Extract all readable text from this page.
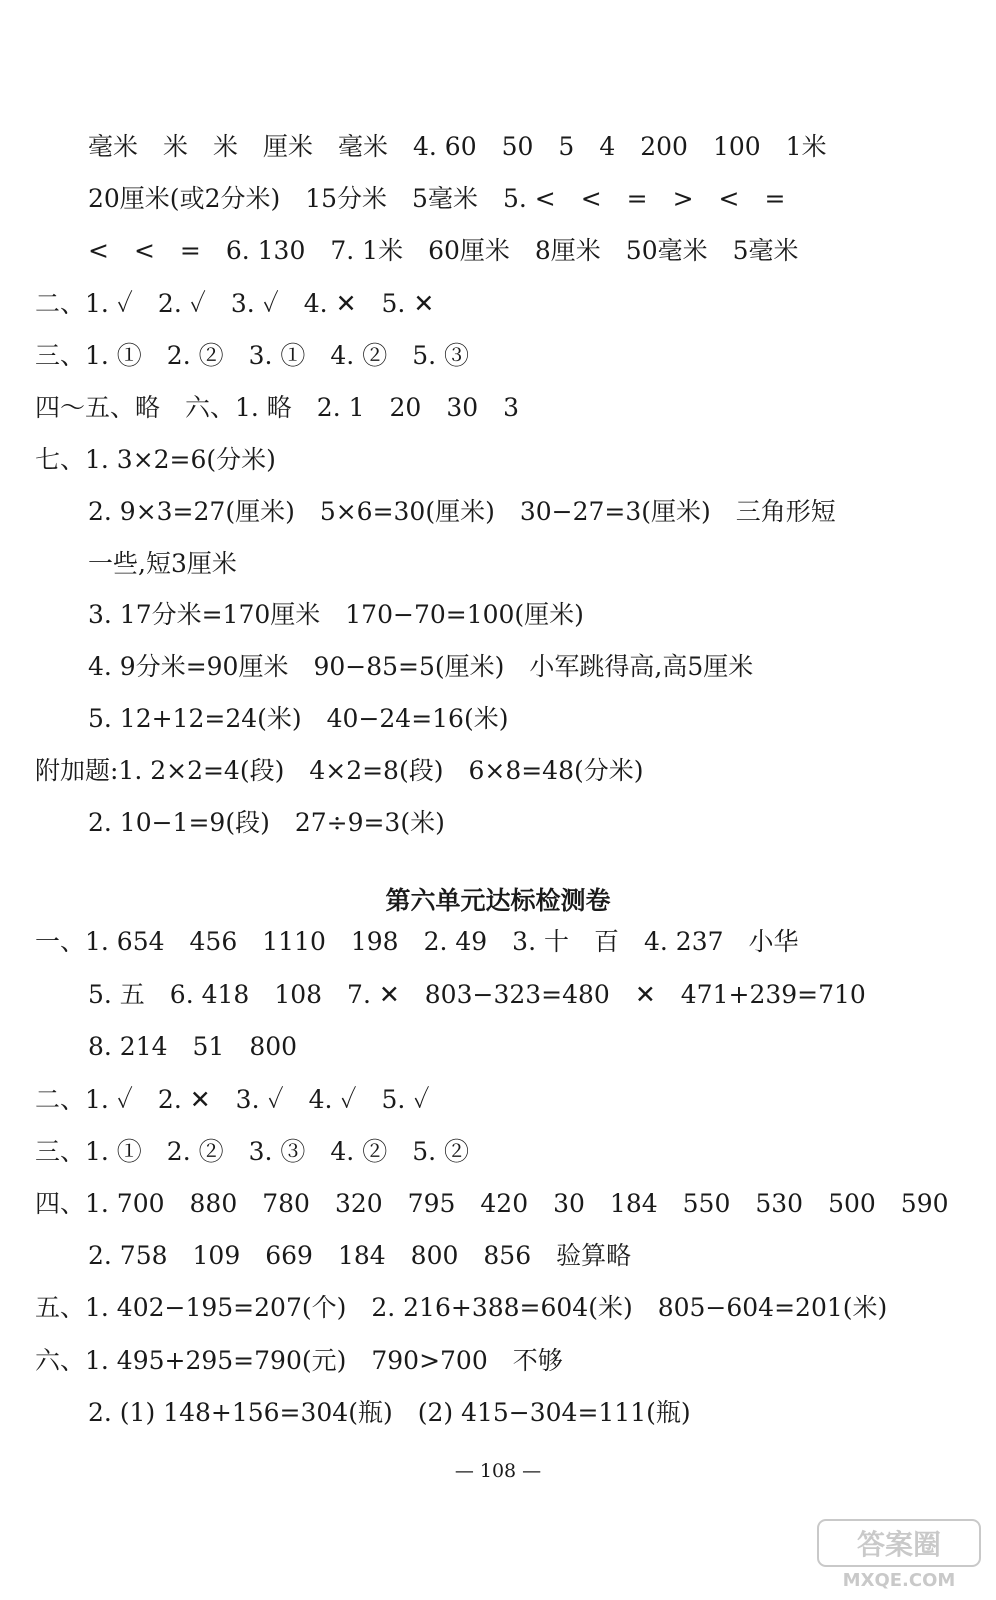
毫米　米　米　厘米　毫米　4. 60　50　5　4　200　100　1米
20厘米(或2分米)　15分米　5毫米　5. <　<　=　>　<　=
<　<　=　6. 130　7. 1米　60厘米　8厘米　50毫米　5毫米
二、1. ✓　2. ✓　3. ✓　4. ✕　5. ✕
三、1. ①　2. ②　3. ①　4. ②　5. ③
四～五、略　六、1. 略　2. 1　20　30　3
七、1. 3×2=6(分米)
2. 9×3=27(厘米)　5×6=30(厘米)　30−27=3(厘米)　三角形短
一些,短3厘米
3. 17分米=170厘米　170−70=100(厘米)
4. 9分米=90厘米　90−85=5(厘米)　小军跳得高,高5厘米
5. 12+12=24(米)　40−24=16(米)
附加题:1. 2×2=4(段)　4×2=8(段)　6×8=48(分米)
2. 10−1=9(段)　27÷9=3(米)
第六单元达标检测卷
一、1. 654　456　1110　198　2. 49　3. 十　百　4. 237　小华
5. 五　6. 418　108　7. ✕　803−323=480　✕　471+239=710
8. 214　51　800
二、1. ✓　2. ✕　3. ✓　4. ✓　5. ✓
三、1. ①　2. ②　3. ③　4. ②　5. ②
四、1. 700　880　780　320　795　420　30　184　550　530　500　590
2. 758　109　669　184　800　856　验算略
五、1. 402−195=207(个)　2. 216+388=604(米)　805−604=201(米)
六、1. 495+295=790(元)　790>700　不够
2. (1) 148+156=304(瓶)　(2) 415−304=111(瓶)
— 108 —
答案圈
MXQE.COM
